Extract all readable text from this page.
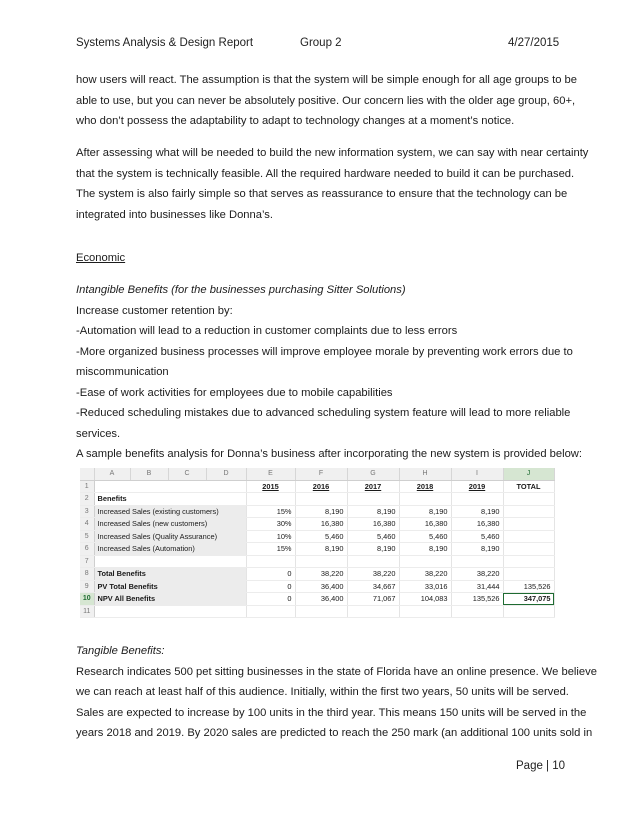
Systems Analysis & Design Report	Group 2	4/27/2015
how users will react. The assumption is that the system will be simple enough for all age groups to be
able to use, but you can never be absolutely positive. Our concern lies with the older age group, 60+,
who don’t possess the adaptability to adapt to technology changes at a moment’s notice.
After assessing what will be needed to build the new information system, we can say with near certainty
that the system is technically feasible. All the required hardware needed to build it can be purchased.
The system is also fairly simple so that serves as reassurance to ensure that the technology can be
integrated into businesses like Donna’s.
Economic
Intangible Benefits (for the businesses purchasing Sitter Solutions)
Increase customer retention by:
-Automation will lead to a reduction in customer complaints due to less errors
-More organized business processes will improve employee morale by preventing work errors due to
miscommunication
-Ease of work activities for employees due to mobile capabilities
-Reduced scheduling mistakes due to advanced scheduling system feature will lead to more reliable
services.
A sample benefits analysis for Donna’s business after incorporating the new system is provided below:
	A	B	C	D	E	F	G	H	I	J
1					2015	2016	2017	2018	2019	TOTAL
2	Benefits									
3	Increased Sales (existing customers)				15%	8,190	8,190	8,190	8,190	
4	Increased Sales (new customers)				30%	16,380	16,380	16,380	16,380	
5	Increased Sales (Quality Assurance)				10%	5,460	5,460	5,460	5,460	
6	Increased Sales (Automation)				15%	8,190	8,190	8,190	8,190	
7										
8	Total Benefits				0	38,220	38,220	38,220	38,220	
9	PV Total Benefits				0	36,400	34,667	33,016	31,444	135,526
10	NPV All Benefits				0	36,400	71,067	104,083	135,526	347,075
11										
Tangible Benefits:
Research indicates 500 pet sitting businesses in the state of Florida have an online presence. We believe
we can reach at least half of this audience. Initially, within the first two years, 50 units will be served.
Sales are expected to increase by 100 units in the third year. This means 150 units will be served in the
years 2018 and 2019. By 2020 sales are predicted to reach the 250 mark (an additional 100 units sold in
Page | 10
